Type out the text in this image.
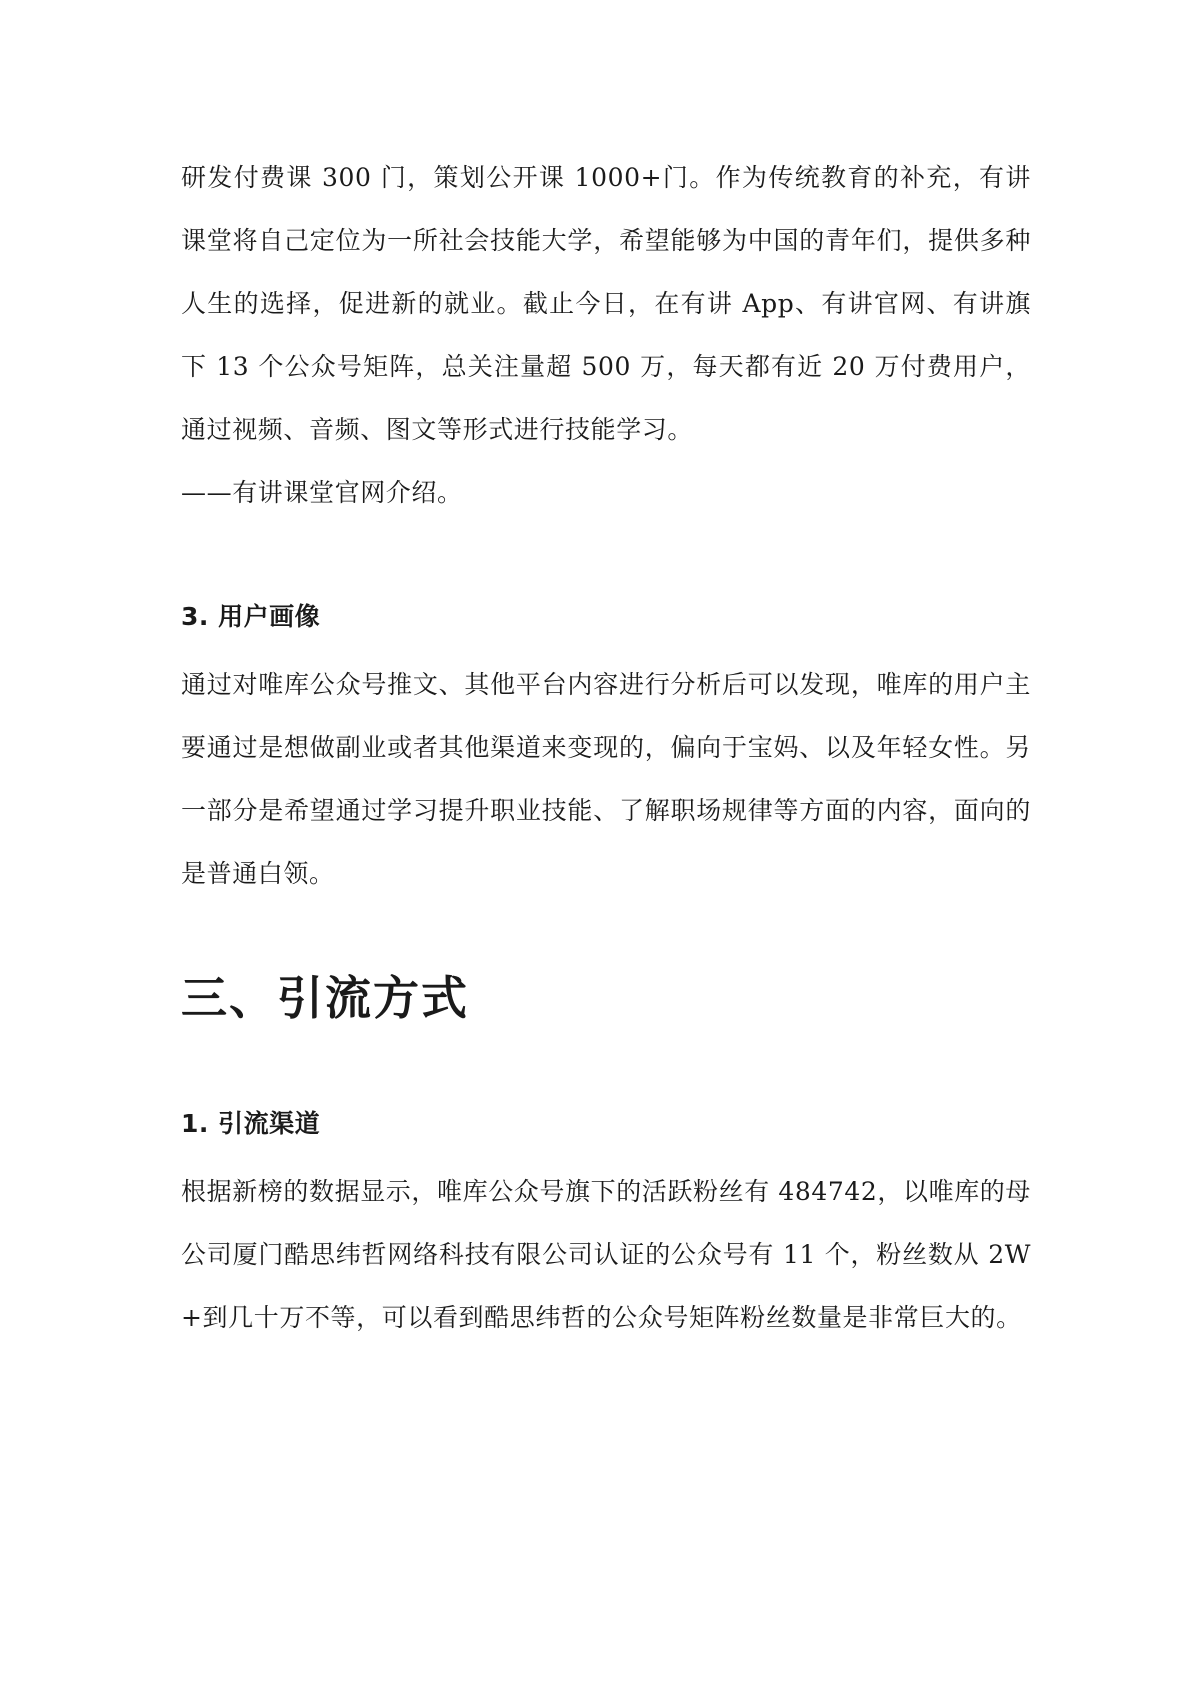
研发付费课 300 门，策划公开课 1000+门。作为传统教育的补充，有讲课堂将自己定位为一所社会技能大学，希望能够为中国的青年们，提供多种人生的选择，促进新的就业。截止今日，在有讲 App、有讲官网、有讲旗下 13 个公众号矩阵，总关注量超 500 万，每天都有近 20 万付费用户，通过视频、音频、图文等形式进行技能学习。

——有讲课堂官网介绍。

3. 用户画像

通过对唯库公众号推文、其他平台内容进行分析后可以发现，唯库的用户主要通过是想做副业或者其他渠道来变现的，偏向于宝妈、以及年轻女性。另一部分是希望通过学习提升职业技能、了解职场规律等方面的内容，面向的是普通白领。

三、引流方式
1. 引流渠道

根据新榜的数据显示，唯库公众号旗下的活跃粉丝有 484742，以唯库的母公司厦门酷思纬哲网络科技有限公司认证的公众号有 11 个，粉丝数从 2W+到几十万不等，可以看到酷思纬哲的公众号矩阵粉丝数量是非常巨大的。
